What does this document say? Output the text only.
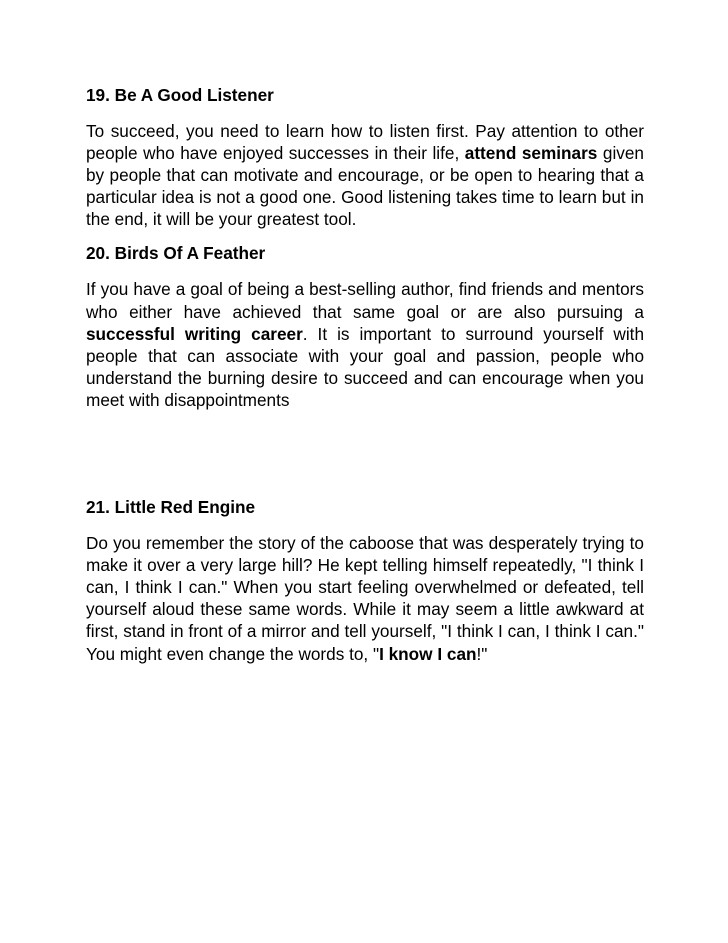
19. Be A Good Listener

To succeed, you need to learn how to listen first. Pay attention to other people who have enjoyed successes in their life, attend seminars given by people that can motivate and encourage, or be open to hearing that a particular idea is not a good one. Good listening takes time to learn but in the end, it will be your greatest tool.

20. Birds Of A Feather

If you have a goal of being a best-selling author, find friends and mentors who either have achieved that same goal or are also pursuing a successful writing career. It is important to surround yourself with people that can associate with your goal and passion, people who understand the burning desire to succeed and can encourage when you meet with disappointments

21. Little Red Engine

Do you remember the story of the caboose that was desperately trying to make it over a very large hill? He kept telling himself repeatedly, "I think I can, I think I can." When you start feeling overwhelmed or defeated, tell yourself aloud these same words. While it may seem a little awkward at first, stand in front of a mirror and tell yourself, "I think I can, I think I can." You might even change the words to, "I know I can!"
